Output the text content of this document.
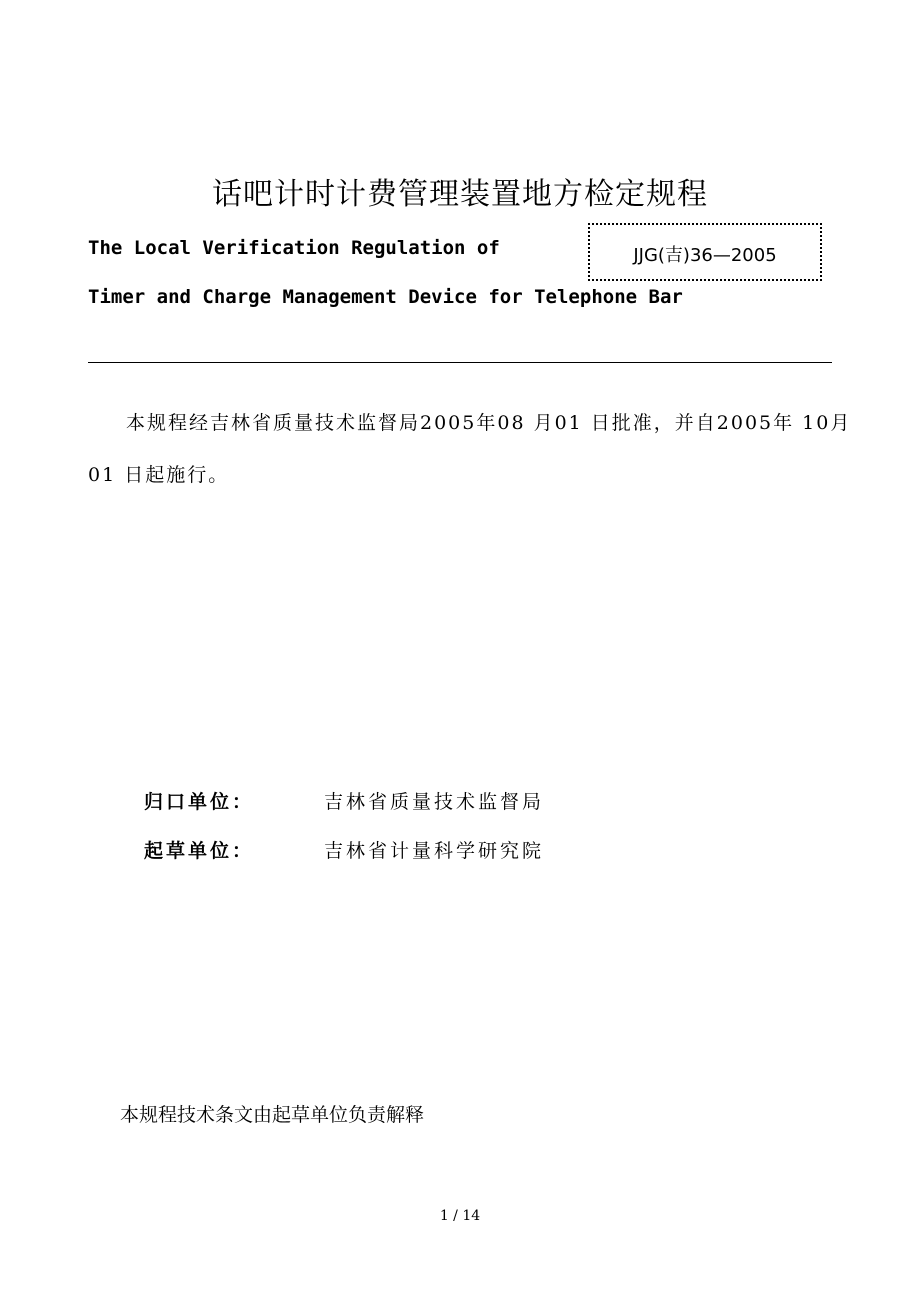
话吧计时计费管理装置地方检定规程
The Local Verification Regulation of
Timer and Charge Management Device for Telephone Bar
JJG(吉)36—2005
本规程经吉林省质量技术监督局2005年08 月01 日批准，并自2005年 10月01 日起施行。
归口单位：	吉林省质量技术监督局
起草单位：	吉林省计量科学研究院
本规程技术条文由起草单位负责解释
1 / 14
